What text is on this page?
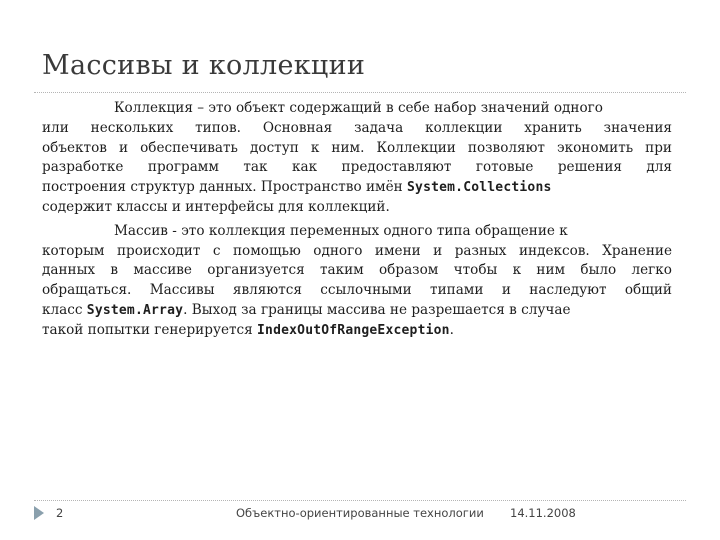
Массивы и коллекции
Коллекция – это объект содержащий в себе набор значений одного
или нескольких типов. Основная задача коллекции хранить значения
объектов и обеспечивать доступ к ним. Коллекции позволяют экономить при
разработке программ так как предоставляют готовые решения для
построения структур данных. Пространство имён System.Collections
содержит классы и интерфейсы для коллекций.
Массив - это коллекция переменных одного типа обращение к
которым происходит с помощью одного имени и разных индексов. Хранение
данных в массиве организуется таким образом чтобы к ним было легко
обращаться. Массивы являются ссылочными типами и наследуют общий
класс System.Array. Выход за границы массива не разрешается в случае
такой попытки генерируется IndexOutOfRangeException.
2	Объектно-ориентированные технологии 14.11.2008
